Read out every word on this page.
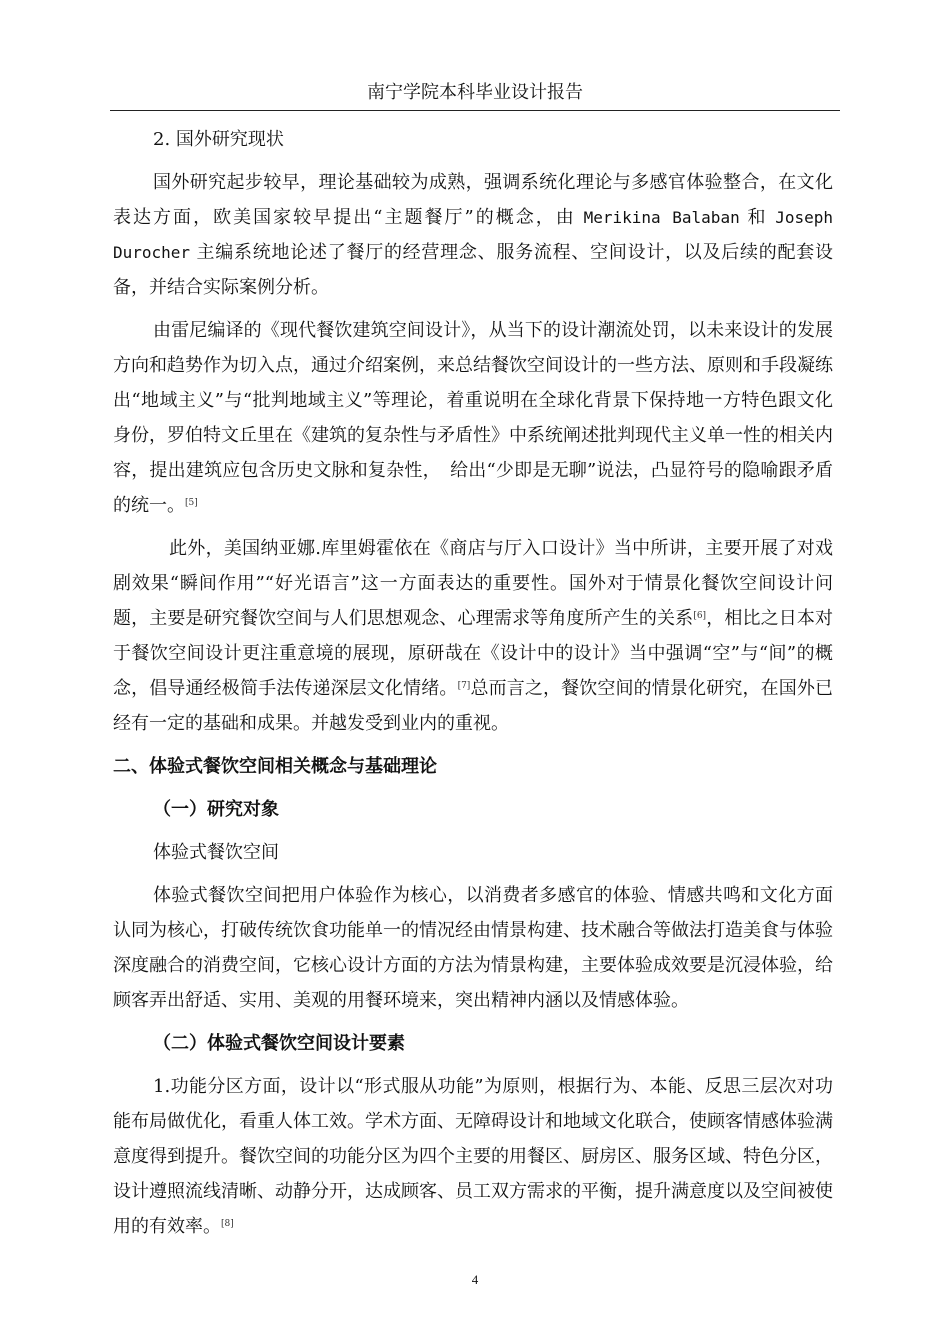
南宁学院本科毕业设计报告

2. 国外研究现状

国外研究起步较早，理论基础较为成熟，强调系统化理论与多感官体验整合，在文化表达方面，欧美国家较早提出“主题餐厅”的概念，由 Merikina Balaban 和 Joseph Durocher 主编系统地论述了餐厅的经营理念、服务流程、空间设计，以及后续的配套设备，并结合实际案例分析。

由雷尼编译的《现代餐饮建筑空间设计》，从当下的设计潮流处罚，以未来设计的发展方向和趋势作为切入点，通过介绍案例，来总结餐饮空间设计的一些方法、原则和手段凝练出“地域主义”与“批判地域主义”等理论，着重说明在全球化背景下保持地一方特色跟文化身份，罗伯特文丘里在《建筑的复杂性与矛盾性》中系统阐述批判现代主义单一性的相关内容，提出建筑应包含历史文脉和复杂性，　给出“少即是无聊”说法，凸显符号的隐喻跟矛盾的统一。[5]

此外，美国纳亚娜.库里姆霍依在《商店与厅入口设计》当中所讲，主要开展了对戏剧效果“瞬间作用”“好光语言”这一方面表达的重要性。国外对于情景化餐饮空间设计问题，主要是研究餐饮空间与人们思想观念、心理需求等角度所产生的关系[6]，相比之日本对于餐饮空间设计更注重意境的展现，原研哉在《设计中的设计》当中强调“空”与“间”的概念，倡导通经极简手法传递深层文化情绪。[7]总而言之，餐饮空间的情景化研究，在国外已经有一定的基础和成果。并越发受到业内的重视。

二、体验式餐饮空间相关概念与基础理论

（一）研究对象

体验式餐饮空间

体验式餐饮空间把用户体验作为核心，以消费者多感官的体验、情感共鸣和文化方面认同为核心，打破传统饮食功能单一的情况经由情景构建、技术融合等做法打造美食与体验深度融合的消费空间，它核心设计方面的方法为情景构建，主要体验成效要是沉浸体验，给顾客弄出舒适、实用、美观的用餐环境来，突出精神内涵以及情感体验。

（二）体验式餐饮空间设计要素

1.功能分区方面，设计以“形式服从功能”为原则，根据行为、本能、反思三层次对功能布局做优化，看重人体工效。学术方面、无障碍设计和地域文化联合，使顾客情感体验满意度得到提升。餐饮空间的功能分区为四个主要的用餐区、厨房区、服务区域、特色分区，设计遵照流线清晰、动静分开，达成顾客、员工双方需求的平衡，提升满意度以及空间被使用的有效率。[8]

4
